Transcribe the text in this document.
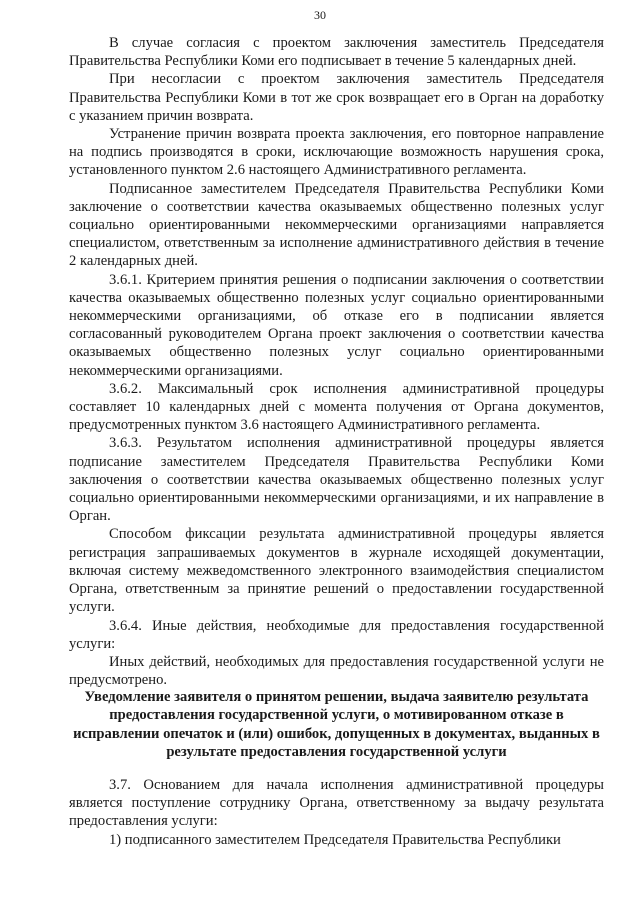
30

В случае согласия с проектом заключения заместитель Председателя Правительства Республики Коми его подписывает в течение 5 календарных дней.

При несогласии с проектом заключения заместитель Председателя Правительства Республики Коми в тот же срок возвращает его в Орган на доработку с указанием причин возврата.

Устранение причин возврата проекта заключения, его повторное направление на подпись производятся в сроки, исключающие возможность нарушения срока, установленного пунктом 2.6 настоящего Административного регламента.

Подписанное заместителем Председателя Правительства Республики Коми заключение о соответствии качества оказываемых общественно полезных услуг социально ориентированными некоммерческими организациями направляется специалистом, ответственным за исполнение административного действия в течение 2 календарных дней.

3.6.1. Критерием принятия решения о подписании заключения о соответствии качества оказываемых общественно полезных услуг социально ориентированными некоммерческими организациями, об отказе его в подписании является согласованный руководителем Органа проект заключения о соответствии качества оказываемых общественно полезных услуг социально ориентированными некоммерческими организациями.

3.6.2. Максимальный срок исполнения административной процедуры составляет 10 календарных дней с момента получения от Органа документов, предусмотренных пунктом 3.6 настоящего Административного регламента.

3.6.3. Результатом исполнения административной процедуры является подписание заместителем Председателя Правительства Республики Коми заключения о соответствии качества оказываемых общественно полезных услуг социально ориентированными некоммерческими организациями, и их направление в Орган.

Способом фиксации результата административной процедуры является регистрация запрашиваемых документов в журнале исходящей документации, включая систему межведомственного электронного взаимодействия специалистом Органа, ответственным за принятие решений о предоставлении государственной услуги.

3.6.4. Иные действия, необходимые для предоставления государственной услуги:

Иных действий, необходимых для предоставления государственной услуги не предусмотрено.

Уведомление заявителя о принятом решении, выдача заявителю результата предоставления государственной услуги, о мотивированном отказе в исправлении опечаток и (или) ошибок, допущенных в документах, выданных в результате предоставления государственной услуги

3.7. Основанием для начала исполнения административной процедуры является поступление сотруднику Органа, ответственному за выдачу результата предоставления услуги:

1) подписанного заместителем Председателя Правительства Республики
